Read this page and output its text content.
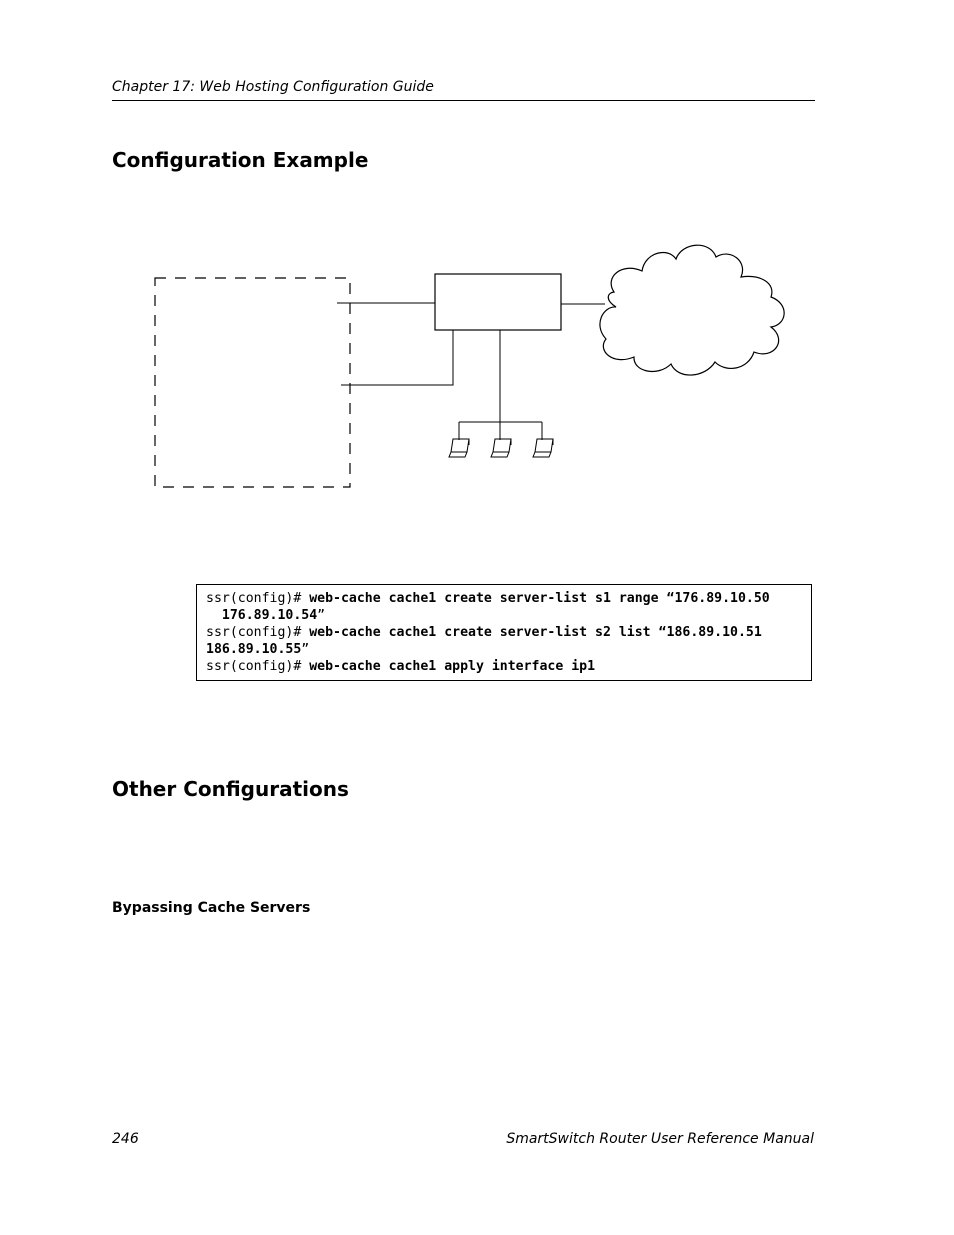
Chapter 17: Web Hosting Configuration Guide
Configuration Example
ssr(config)# web-cache cache1 create server-list s1 range “176.89.10.50
176.89.10.54”
ssr(config)# web-cache cache1 create server-list s2 list “186.89.10.51
186.89.10.55”
ssr(config)# web-cache cache1 apply interface ip1
Other Configurations
Bypassing Cache Servers
246	SmartSwitch Router User Reference Manual
